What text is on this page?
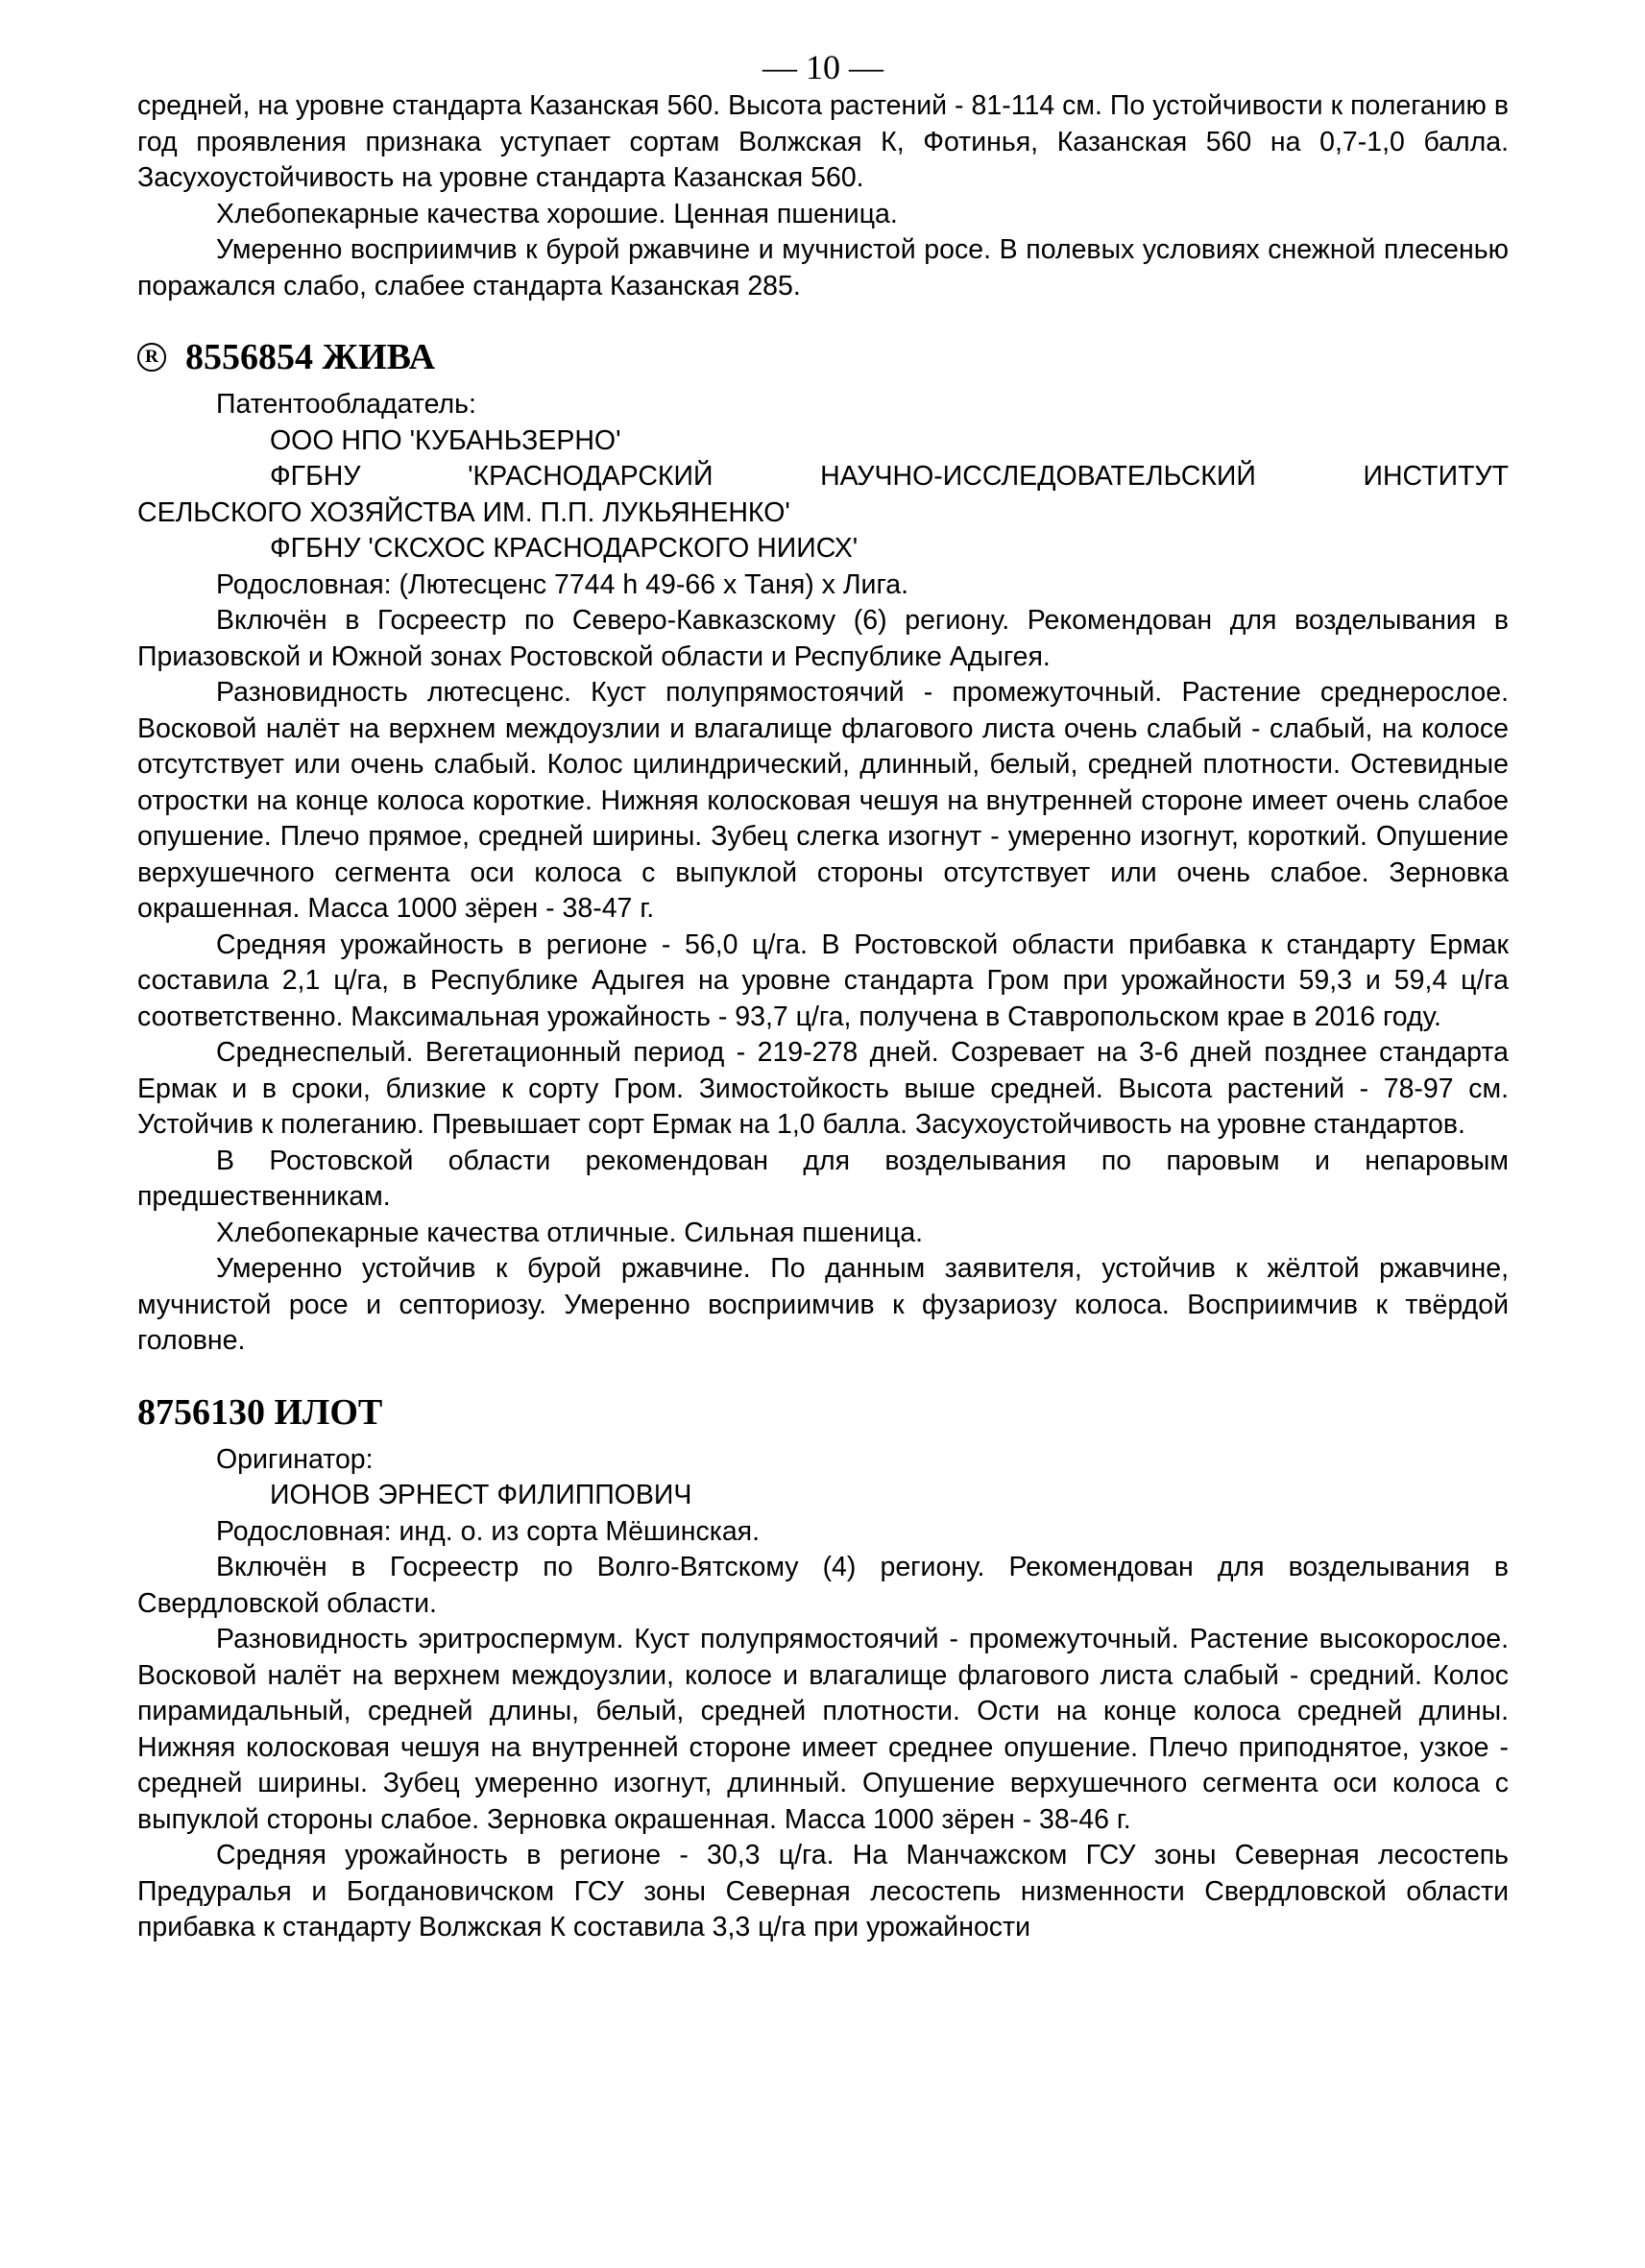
— 10 —

средней, на уровне стандарта Казанская 560. Высота растений - 81-114 см. По устойчивости к полеганию в год проявления признака уступает сортам Волжская К, Фотинья, Казанская 560 на 0,7-1,0 балла. Засухоустойчивость на уровне стандарта Казанская 560.

Хлебопекарные качества хорошие. Ценная пшеница.

Умеренно восприимчив к бурой ржавчине и мучнистой росе. В полевых условиях снежной плесенью поражался слабо, слабее стандарта Казанская 285.

R 8556854 ЖИВА

Патентообладатель:

ООО НПО 'КУБАНЬЗЕРНО'

ФГБНУ 'КРАСНОДАРСКИЙ НАУЧНО-ИССЛЕДОВАТЕЛЬСКИЙ ИНСТИТУТ

СЕЛЬСКОГО ХОЗЯЙСТВА ИМ. П.П. ЛУКЬЯНЕНКО'

ФГБНУ 'СКСХОС КРАСНОДАРСКОГО НИИСХ'

Родословная: (Лютесценс 7744 h 49-66 x Таня) x Лига.

Включён в Госреестр по Северо-Кавказскому (6) региону. Рекомендован для возделывания в Приазовской и Южной зонах Ростовской области и Республике Адыгея.

Разновидность лютесценс. Куст полупрямостоячий - промежуточный. Растение среднерослое. Восковой налёт на верхнем междоузлии и влагалище флагового листа очень слабый - слабый, на колосе отсутствует или очень слабый. Колос цилиндрический, длинный, белый, средней плотности. Остевидные отростки на конце колоса короткие. Нижняя колосковая чешуя на внутренней стороне имеет очень слабое опушение. Плечо прямое, средней ширины. Зубец слегка изогнут - умеренно изогнут, короткий. Опушение верхушечного сегмента оси колоса с выпуклой стороны отсутствует или очень слабое. Зерновка окрашенная. Масса 1000 зёрен - 38-47 г.

Средняя урожайность в регионе - 56,0 ц/га. В Ростовской области прибавка к стандарту Ермак составила 2,1 ц/га, в Республике Адыгея на уровне стандарта Гром при урожайности 59,3 и 59,4 ц/га соответственно. Максимальная урожайность - 93,7 ц/га, получена в Ставропольском крае в 2016 году.

Среднеспелый. Вегетационный период - 219-278 дней. Созревает на 3-6 дней позднее стандарта Ермак и в сроки, близкие к сорту Гром. Зимостойкость выше средней. Высота растений - 78-97 см. Устойчив к полеганию. Превышает сорт Ермак на 1,0 балла. Засухоустойчивость на уровне стандартов.

В Ростовской области рекомендован для возделывания по паровым и непаровым предшественникам.

Хлебопекарные качества отличные. Сильная пшеница.

Умеренно устойчив к бурой ржавчине. По данным заявителя, устойчив к жёлтой ржавчине, мучнистой росе и септориозу. Умеренно восприимчив к фузариозу колоса. Восприимчив к твёрдой головне.

8756130 ИЛОТ

Оригинатор:

ИОНОВ ЭРНЕСТ ФИЛИППОВИЧ

Родословная: инд. о. из сорта Мёшинская.

Включён в Госреестр по Волго-Вятскому (4) региону. Рекомендован для возделывания в Свердловской области.

Разновидность эритроспермум. Куст полупрямостоячий - промежуточный. Растение высокорослое. Восковой налёт на верхнем междоузлии, колосе и влагалище флагового листа слабый - средний. Колос пирамидальный, средней длины, белый, средней плотности. Ости на конце колоса средней длины. Нижняя колосковая чешуя на внутренней стороне имеет среднее опушение. Плечо приподнятое, узкое - средней ширины. Зубец умеренно изогнут, длинный. Опушение верхушечного сегмента оси колоса с выпуклой стороны слабое. Зерновка окрашенная. Масса 1000 зёрен - 38-46 г.

Средняя урожайность в регионе - 30,3 ц/га. На Манчажском ГСУ зоны Северная лесостепь Предуралья и Богдановичском ГСУ зоны Северная лесостепь низменности Свердловской области прибавка к стандарту Волжская К составила 3,3 ц/га при урожайности
